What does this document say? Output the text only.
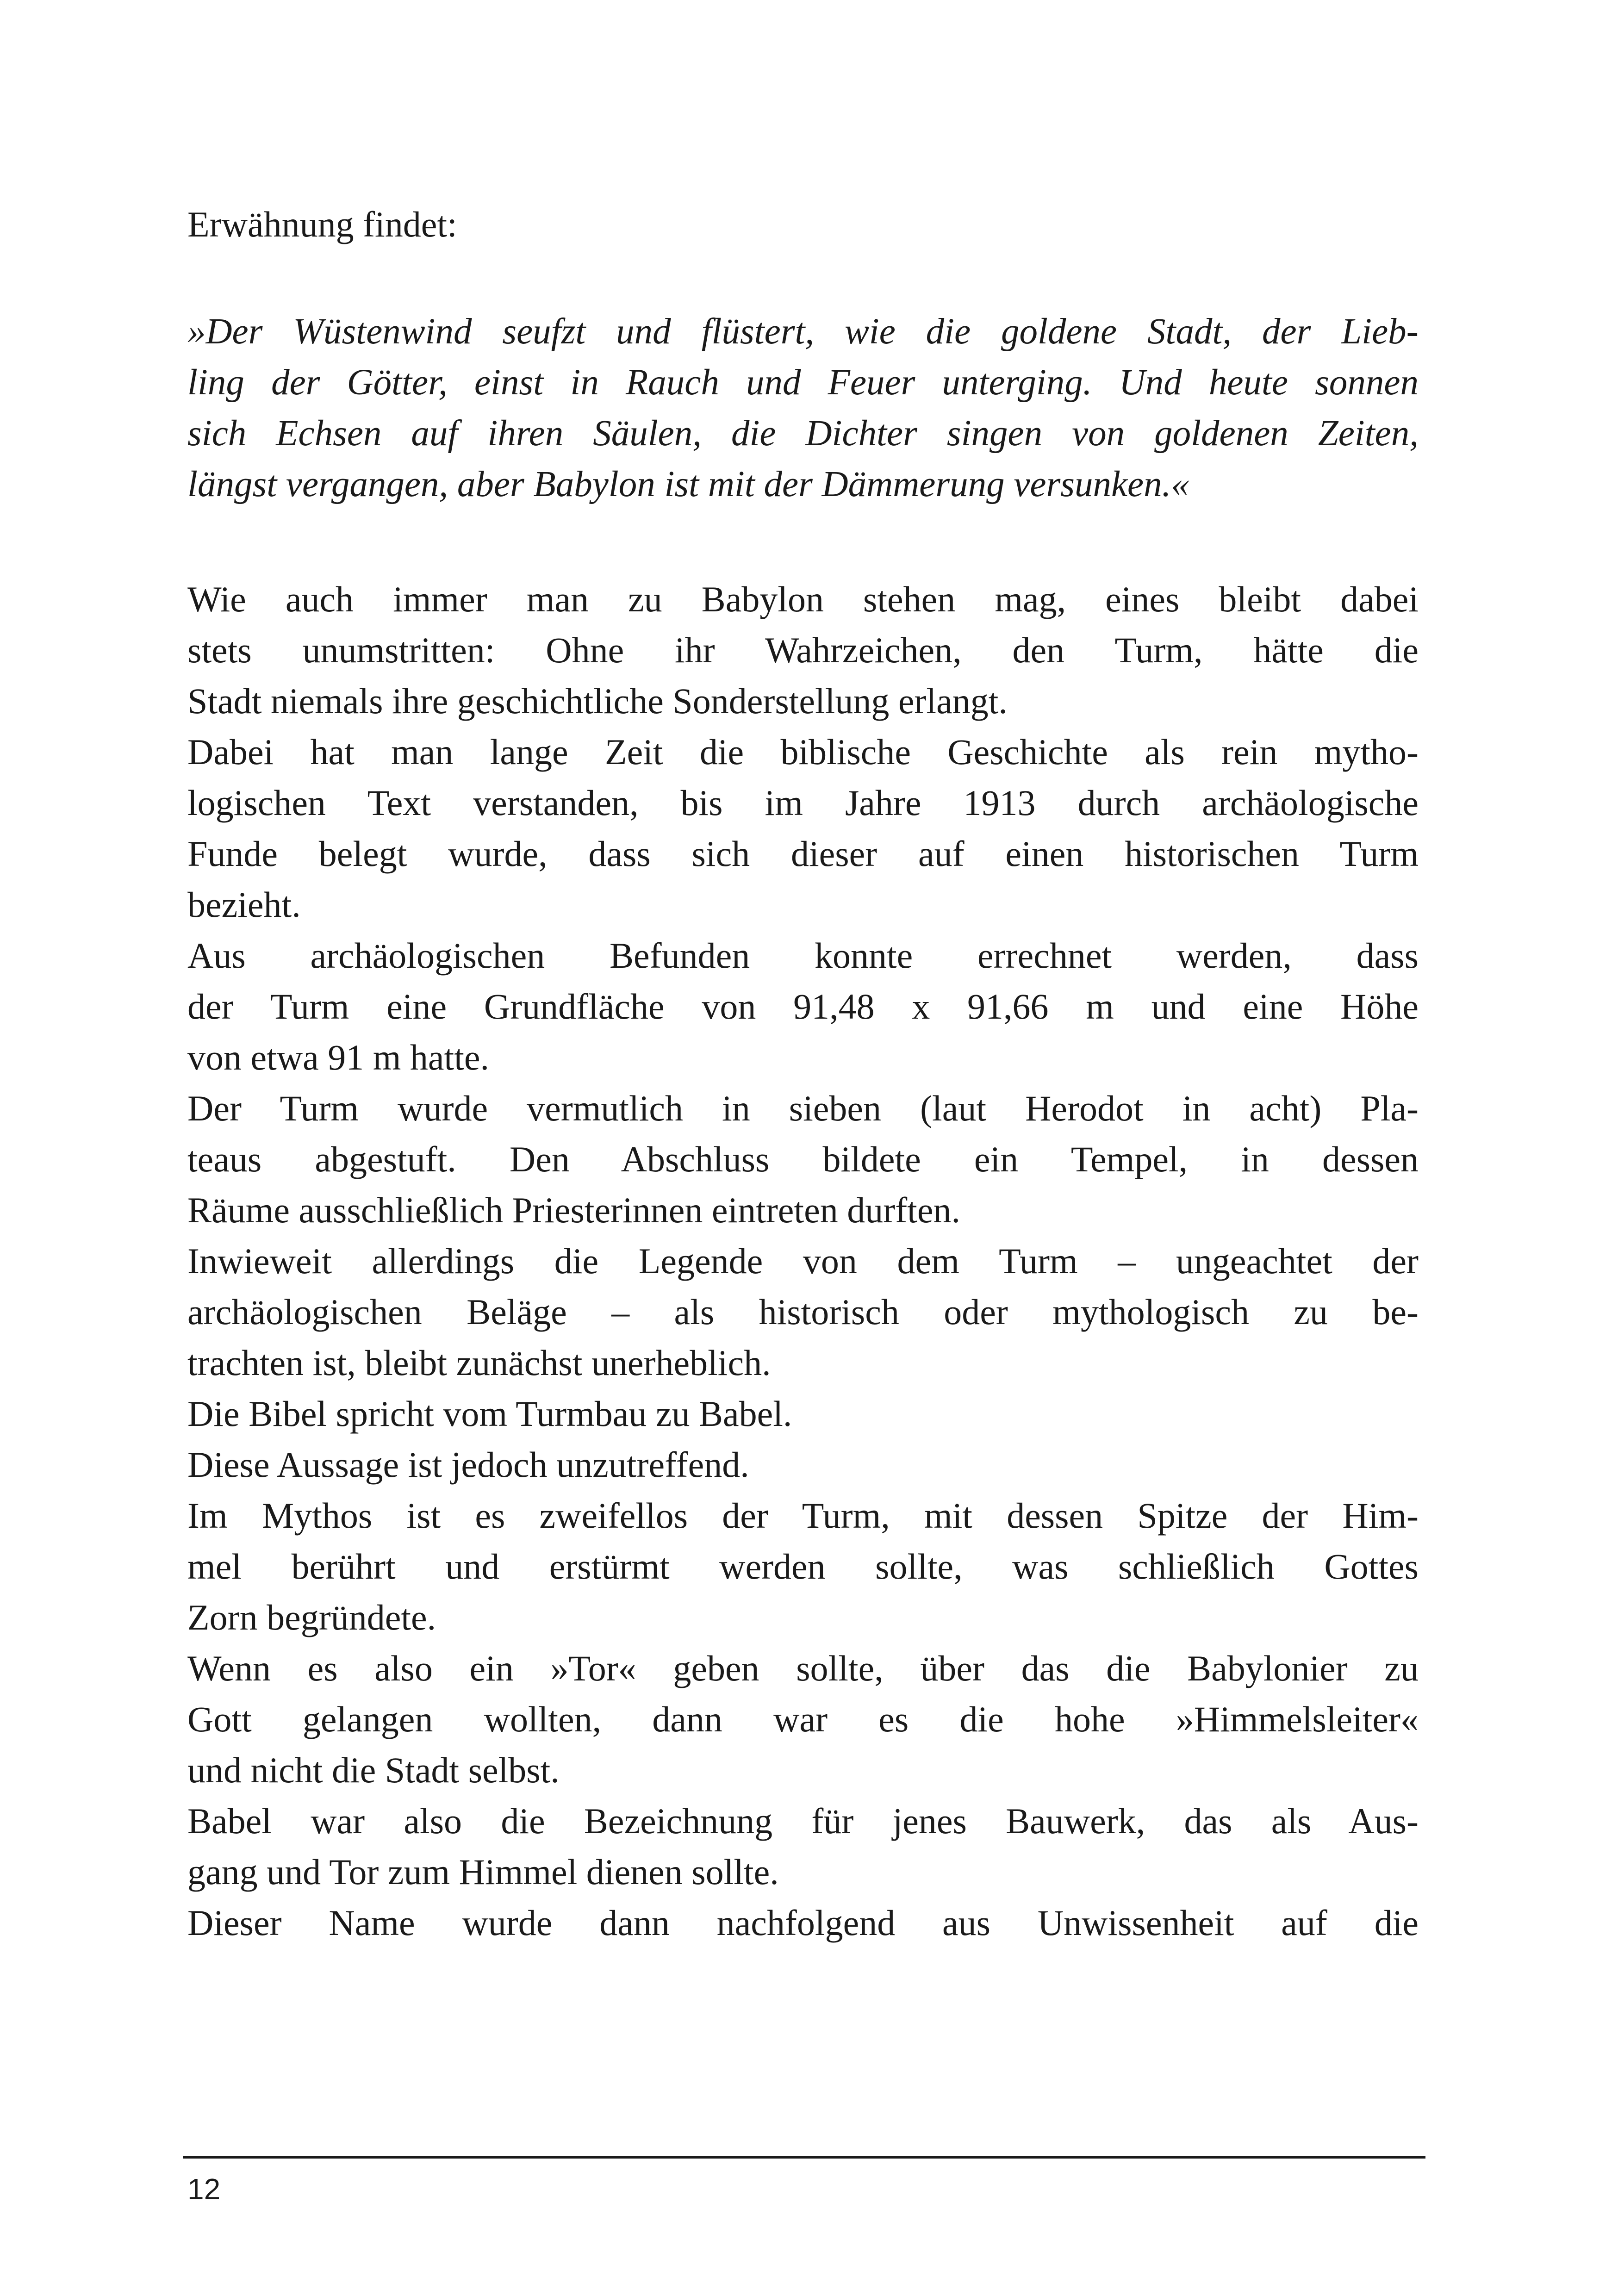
Erwähnung findet:
»Der Wüstenwind seufzt und flüstert, wie die goldene Stadt, der Lieb-
ling der Götter, einst in Rauch und Feuer unterging. Und heute sonnen
sich Echsen auf ihren Säulen, die Dichter singen von goldenen Zeiten,
längst vergangen, aber Babylon ist mit der Dämmerung versunken.«
Wie auch immer man zu Babylon stehen mag, eines bleibt dabei
stets unumstritten: Ohne ihr Wahrzeichen, den Turm, hätte die
Stadt niemals ihre geschichtliche Sonderstellung erlangt.
Dabei hat man lange Zeit die biblische Geschichte als rein mytho-
logischen Text verstanden, bis im Jahre 1913 durch archäologische
Funde belegt wurde, dass sich dieser auf einen historischen Turm
bezieht.
Aus archäologischen Befunden konnte errechnet werden, dass
der Turm eine Grundfläche von 91,48 x 91,66 m und eine Höhe
von etwa 91 m hatte.
Der Turm wurde vermutlich in sieben (laut Herodot in acht) Pla-
teaus abgestuft. Den Abschluss bildete ein Tempel, in dessen
Räume ausschließlich Priesterinnen eintreten durften.
Inwieweit allerdings die Legende von dem Turm – ungeachtet der
archäologischen Beläge – als historisch oder mythologisch zu be-
trachten ist, bleibt zunächst unerheblich.
Die Bibel spricht vom Turmbau zu Babel.
Diese Aussage ist jedoch unzutreffend.
Im Mythos ist es zweifellos der Turm, mit dessen Spitze der Him-
mel berührt und erstürmt werden sollte, was schließlich Gottes
Zorn begründete.
Wenn es also ein »Tor« geben sollte, über das die Babylonier zu
Gott gelangen wollten, dann war es die hohe »Himmelsleiter«
und nicht die Stadt selbst.
Babel war also die Bezeichnung für jenes Bauwerk, das als Aus-
gang und Tor zum Himmel dienen sollte.
Dieser Name wurde dann nachfolgend aus Unwissenheit auf die
12
